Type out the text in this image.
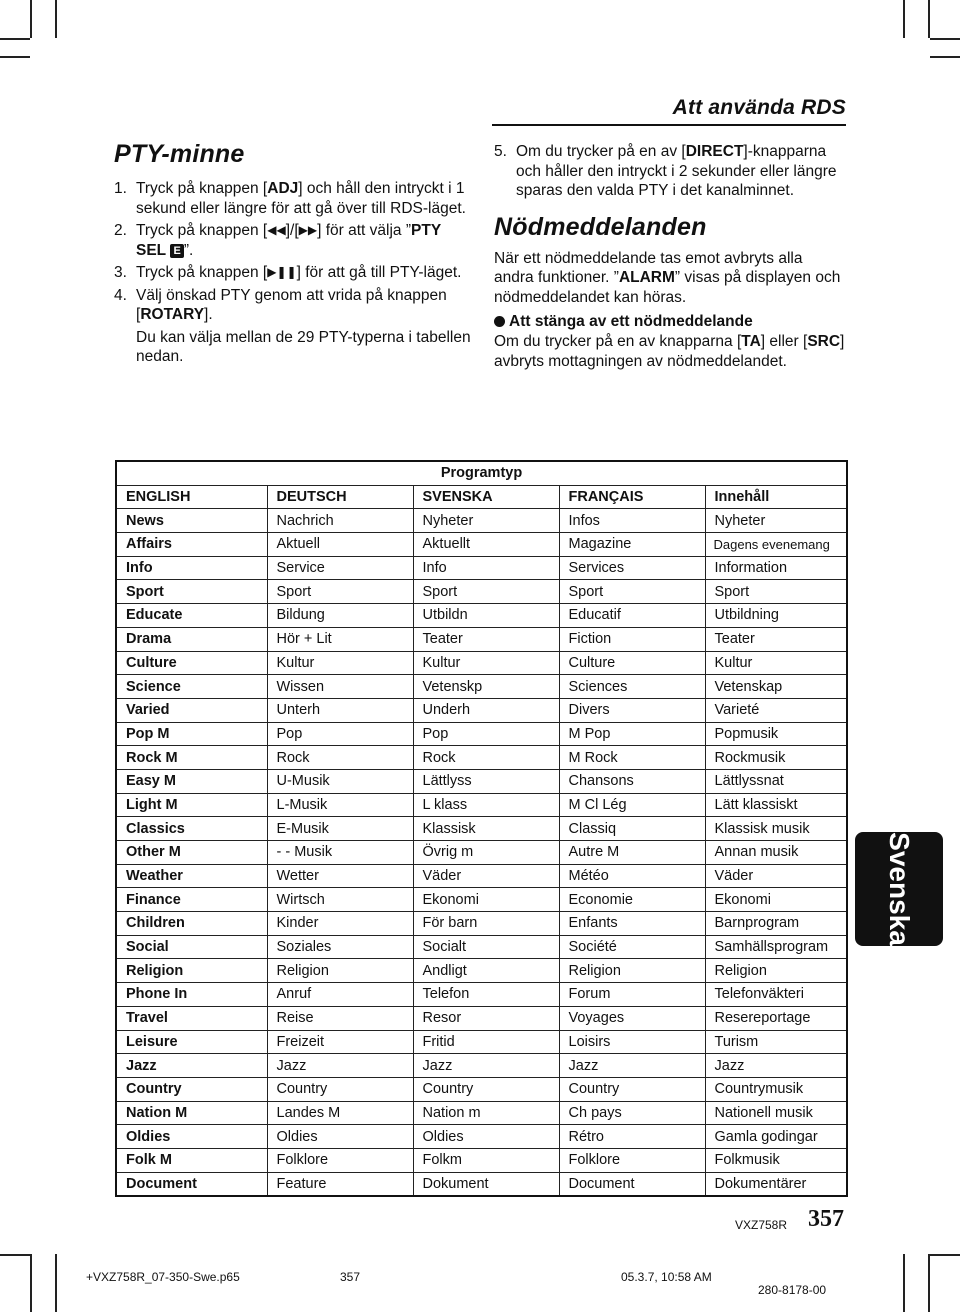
Att använda RDS
PTY-minne
1. Tryck på knappen [ADJ] och håll den intryckt i 1 sekund eller längre för att gå över till RDS-läget.
2. Tryck på knappen [◀◀]/[▶▶] för att välja ”PTY SEL E ”.
3. Tryck på knappen [▶❚❚] för att gå till PTY-läget.
4. Välj önskad PTY genom att vrida på knappen [ROTARY].
Du kan välja mellan de 29 PTY-typerna i tabellen nedan.
5. Om du trycker på en av [DIRECT]-knapparna och håller den intryckt i 2 sekunder eller längre sparas den valda PTY i det kanalminnet.
Nödmeddelanden

När ett nödmeddelande tas emot avbryts alla andra funktioner. ”ALARM” visas på displayen och nödmeddelandet kan höras.

Att stänga av ett nödmeddelande

Om du trycker på en av knapparna [TA] eller [SRC] avbryts mottagningen av nödmeddelandet.

Programtyp				
ENGLISH	DEUTSCH	SVENSKA	FRANÇAIS	Innehåll
News	Nachrich	Nyheter	Infos	Nyheter
Affairs	Aktuell	Aktuellt	Magazine	Dagens evenemang
Info	Service	Info	Services	Information
Sport	Sport	Sport	Sport	Sport
Educate	Bildung	Utbildn	Educatif	Utbildning
Drama	Hör + Lit	Teater	Fiction	Teater
Culture	Kultur	Kultur	Culture	Kultur
Science	Wissen	Vetenskp	Sciences	Vetenskap
Varied	Unterh	Underh	Divers	Varieté
Pop M	Pop	Pop	M Pop	Popmusik
Rock M	Rock	Rock	M Rock	Rockmusik
Easy M	U-Musik	Lättlyss	Chansons	Lättlyssnat
Light M	L-Musik	L klass	M Cl Lég	Lätt klassiskt
Classics	E-Musik	Klassisk	Classiq	Klassisk musik
Other M	- - Musik	Övrig m	Autre M	Annan musik
Weather	Wetter	Väder	Météo	Väder
Finance	Wirtsch	Ekonomi	Economie	Ekonomi
Children	Kinder	För barn	Enfants	Barnprogram
Social	Soziales	Socialt	Société	Samhällsprogram
Religion	Religion	Andligt	Religion	Religion
Phone In	Anruf	Telefon	Forum	Telefonväkteri
Travel	Reise	Resor	Voyages	Resereportage
Leisure	Freizeit	Fritid	Loisirs	Turism
Jazz	Jazz	Jazz	Jazz	Jazz
Country	Country	Country	Country	Countrymusik
Nation M	Landes M	Nation m	Ch pays	Nationell musik
Oldies	Oldies	Oldies	Rétro	Gamla godingar
Folk M	Folklore	Folkm	Folklore	Folkmusik
Document	Feature	Dokument	Document	Dokumentärer
Svenska
VXZ758R 357
+VXZ758R_07-350-Swe.p65	357	05.3.7, 10:58 AM
280-8178-00
